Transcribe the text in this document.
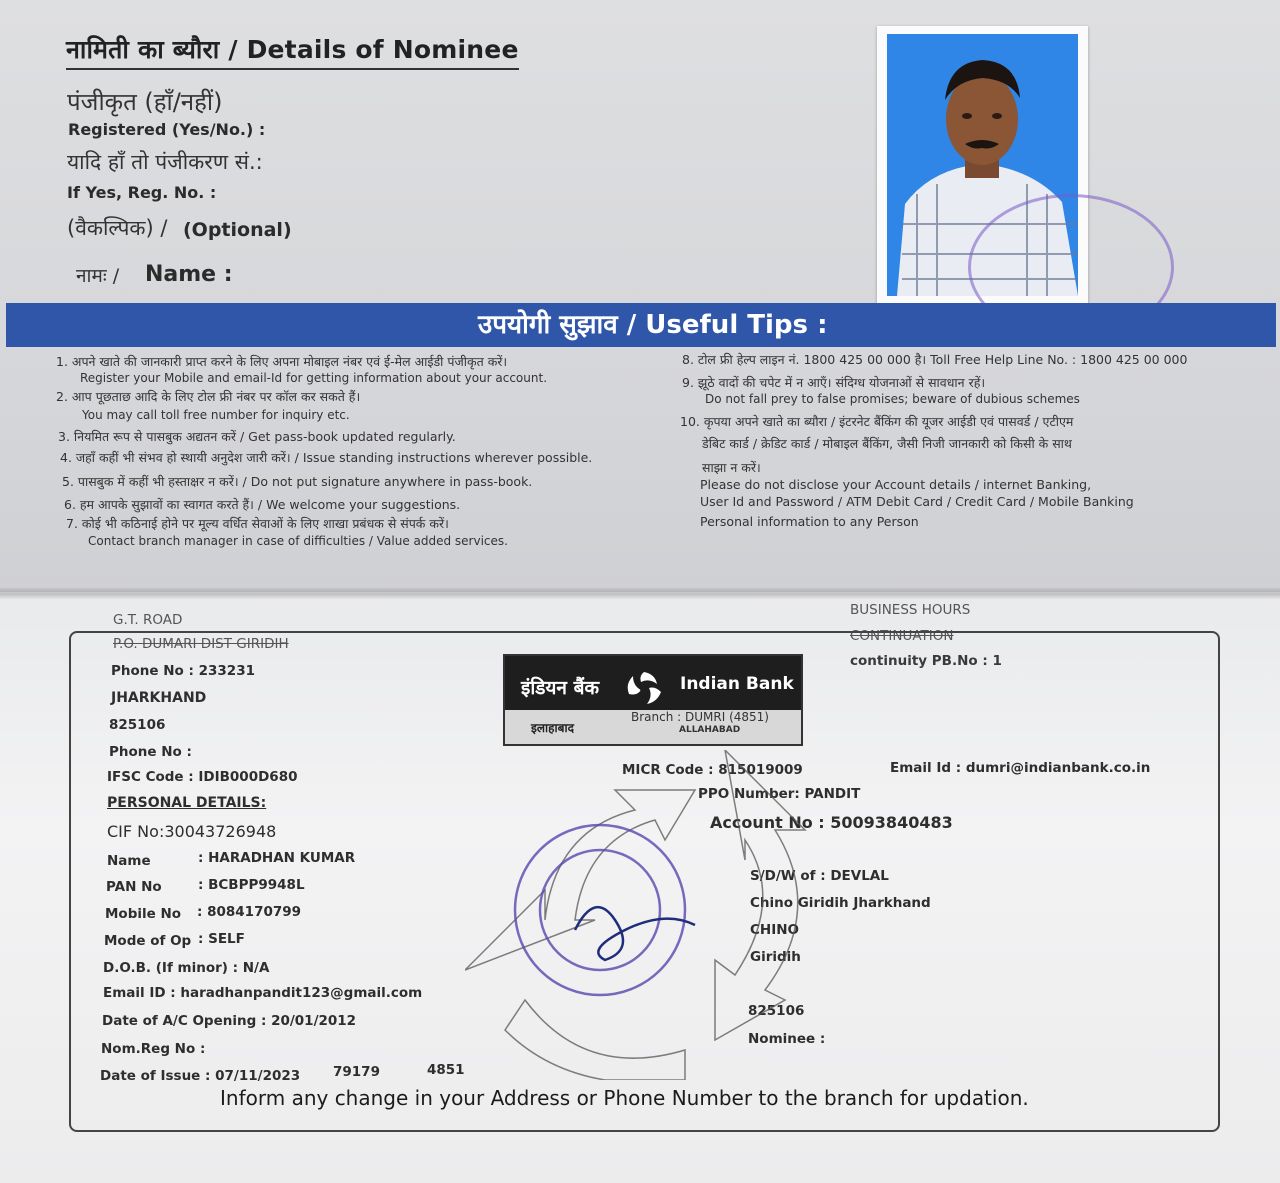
नामिती का ब्यौरा / Details of Nominee
पंजीकृत (हाँ/नहीं)
Registered (Yes/No.) :
यादि हाँ तो पंजीकरण सं.:
If Yes, Reg. No. :
(वैकल्पिक) / (Optional)
नामः / Name :
उपयोगी सुझाव / Useful Tips :
1. अपने खाते की जानकारी प्राप्त करने के लिए अपना मोबाइल नंबर एवं ई-मेल आईडी पंजीकृत करें।
Register your Mobile and email-Id for getting information about your account.
2. आप पूछताछ आदि के लिए टोल फ्री नंबर पर कॉल कर सकते हैं।
You may call toll free number for inquiry etc.
3. नियमित रूप से पासबुक अद्यतन करें / Get pass-book updated regularly.
4. जहाँ कहीं भी संभव हो स्थायी अनुदेश जारी करें। / Issue standing instructions wherever possible.
5. पासबुक में कहीं भी हस्ताक्षर न करें। / Do not put signature anywhere in pass-book.
6. हम आपके सुझावों का स्वागत करते हैं। / We welcome your suggestions.
7. कोई भी कठिनाई होने पर मूल्य वर्धित सेवाओं के लिए शाखा प्रबंधक से संपर्क करें।
Contact branch manager in case of difficulties / Value added services.
8. टोल फ्री हेल्प लाइन नं. 1800 425 00 000 है। Toll Free Help Line No. : 1800 425 00 000
9. झूठे वादों की चपेट में न आएँ। संदिग्ध योजनाओं से सावधान रहें।
Do not fall prey to false promises; beware of dubious schemes
10. कृपया अपने खाते का ब्यौरा / इंटरनेट बैंकिंग की यूजर आईडी एवं पासवर्ड / एटीएम
डेबिट कार्ड / क्रेडिट कार्ड / मोबाइल बैंकिंग, जैसी निजी जानकारी को किसी के साथ
साझा न करें।
Please do not disclose your Account details / internet Banking,
User Id and Password / ATM Debit Card / Credit Card / Mobile Banking
Personal information to any Person
G.T. ROAD
P.O. DUMARI DIST GIRIDIH
BUSINESS HOURS
CONTINUATION
continuity PB.No : 1
Phone No : 233231
JHARKHAND
825106
Phone No :
IFSC Code : IDIB000D680
इंडियन बैंक	Indian Bank
इलाहाबाद
Branch : DUMRI (4851)
ALLAHABAD
MICR Code : 815019009	Email Id : dumri@indianbank.co.in
PPO Number: PANDIT
Account No : 50093840483
PERSONAL DETAILS:
CIF No:30043726948
Name	: HARADHAN KUMAR
PAN No	: BCBPP9948L
Mobile No : 8084170799
Mode of Op : SELF
D.O.B. (If minor) : N/A
Email ID : haradhanpandit123@gmail.com
Date of A/C Opening : 20/01/2012
Nom.Reg No :
Date of Issue : 07/11/2023 79179	4851
S/D/W of : DEVLAL
Chino Giridih Jharkhand
CHINO
Giridih
825106
Nominee :
Inform any change in your Address or Phone Number to the branch for updation.
